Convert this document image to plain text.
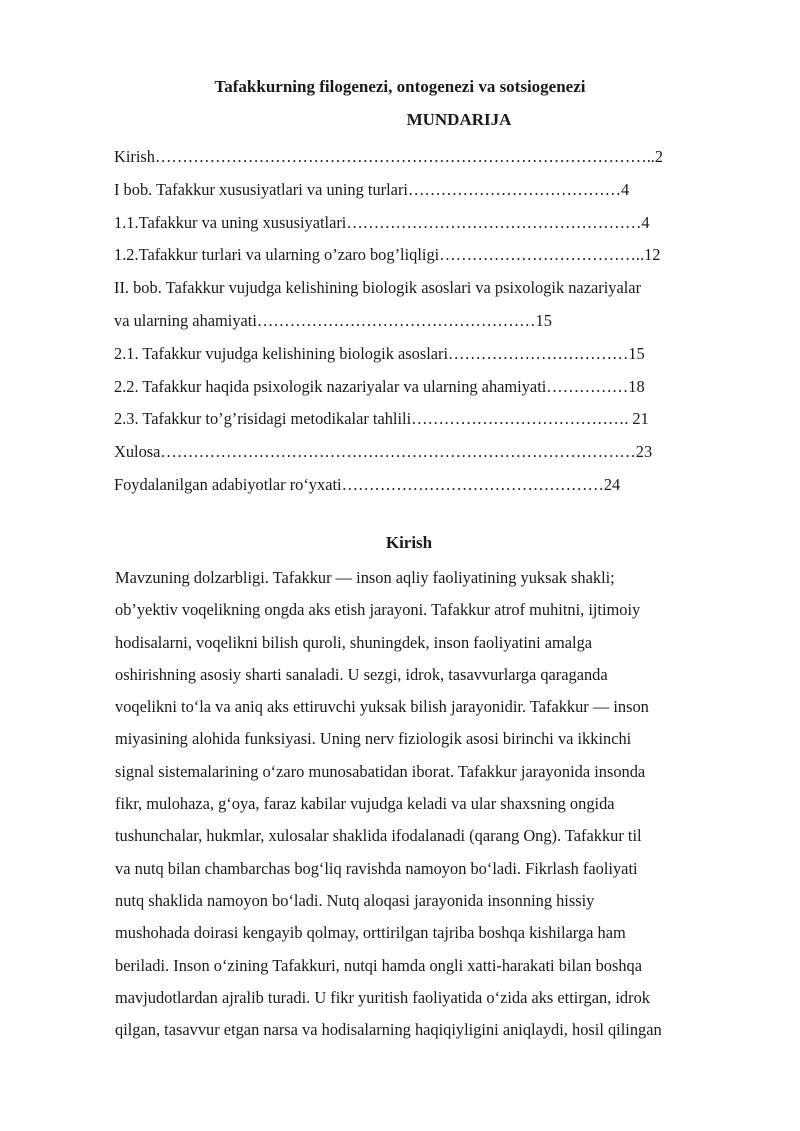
Tafakkurning filogenezi, ontogenezi va sotsiogenezi
MUNDARIJA
Kirish………………………………………………………………………………..2
I bob. Tafakkur xususiyatlari va uning turlari…………………………………4
1.1.Tafakkur va uning xususiyatlari………………………………………………4
1.2.Tafakkur turlari va ularning o’zaro bog’liqligi………………………………..12
II. bob. Tafakkur vujudga kelishining biologik asoslari va psixologik nazariyalar
va ularning ahamiyati……………………………………………15
2.1. Tafakkur vujudga kelishining biologik asoslari……………………………15
2.2. Tafakkur haqida psixologik nazariyalar va ularning ahamiyati……………18
2.3. Tafakkur to’g’risidagi metodikalar tahlili…………………………………. 21
Xulosa……………………………………………………………………………23
Foydalanilgan adabiyotlar ro‘yxati…………………………………………24
Kirish
Mavzuning dolzarbligi. Tafakkur — inson aqliy faoliyatining yuksak shakli;
ob’yektiv voqelikning ongda aks etish jarayoni. Tafakkur atrof muhitni, ijtimoiy
hodisalarni, voqelikni bilish quroli, shuningdek, inson faoliyatini amalga
oshirishning asosiy sharti sanaladi. U sezgi, idrok, tasavvurlarga qaraganda
voqelikni to‘la va aniq aks ettiruvchi yuksak bilish jarayonidir. Tafakkur — inson
miyasining alohida funksiyasi. Uning nerv fiziologik asosi birinchi va ikkinchi
signal sistemalarining o‘zaro munosabatidan iborat. Tafakkur jarayonida insonda
fikr, mulohaza, g‘oya, faraz kabilar vujudga keladi va ular shaxsning ongida
tushunchalar, hukmlar, xulosalar shaklida ifodalanadi (qarang Ong). Tafakkur til
va nutq bilan chambarchas bog‘liq ravishda namoyon bo‘ladi. Fikrlash faoliyati
nutq shaklida namoyon bo‘ladi. Nutq aloqasi jarayonida insonning hissiy
mushohada doirasi kengayib qolmay, orttirilgan tajriba boshqa kishilarga ham
beriladi. Inson o‘zining Tafakkuri, nutqi hamda ongli xatti-harakati bilan boshqa
mavjudotlardan ajralib turadi. U fikr yuritish faoliyatida o‘zida aks ettirgan, idrok
qilgan, tasavvur etgan narsa va hodisalarning haqiqiyligini aniqlaydi, hosil qilingan
